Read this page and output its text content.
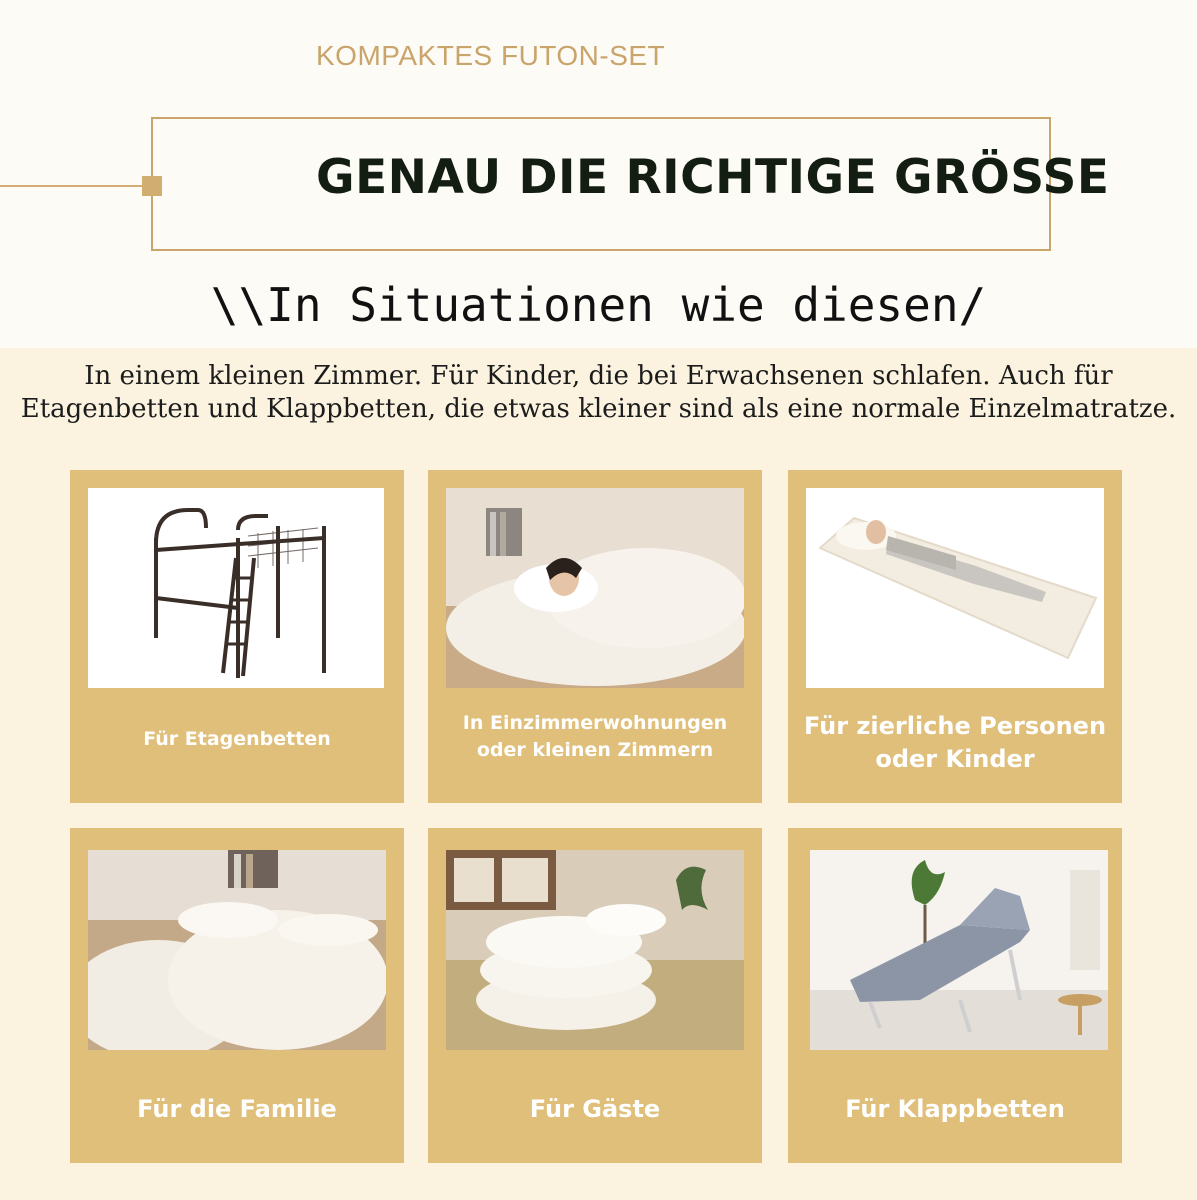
KOMPAKTES FUTON-SET
GENAU DIE RICHTIGE GRÖSSE
\\In Situationen wie diesen/
In einem kleinen Zimmer. Für Kinder, die bei Erwachsenen schlafen. Auch für Etagenbetten und Klappbetten, die etwas kleiner sind als eine normale Einzelmatratze.
Für Etagenbetten
In Einzimmerwohnungen oder kleinen Zimmern
Für zierliche Personen oder Kinder
Für die Familie	Für Gäste	Für Klappbetten
